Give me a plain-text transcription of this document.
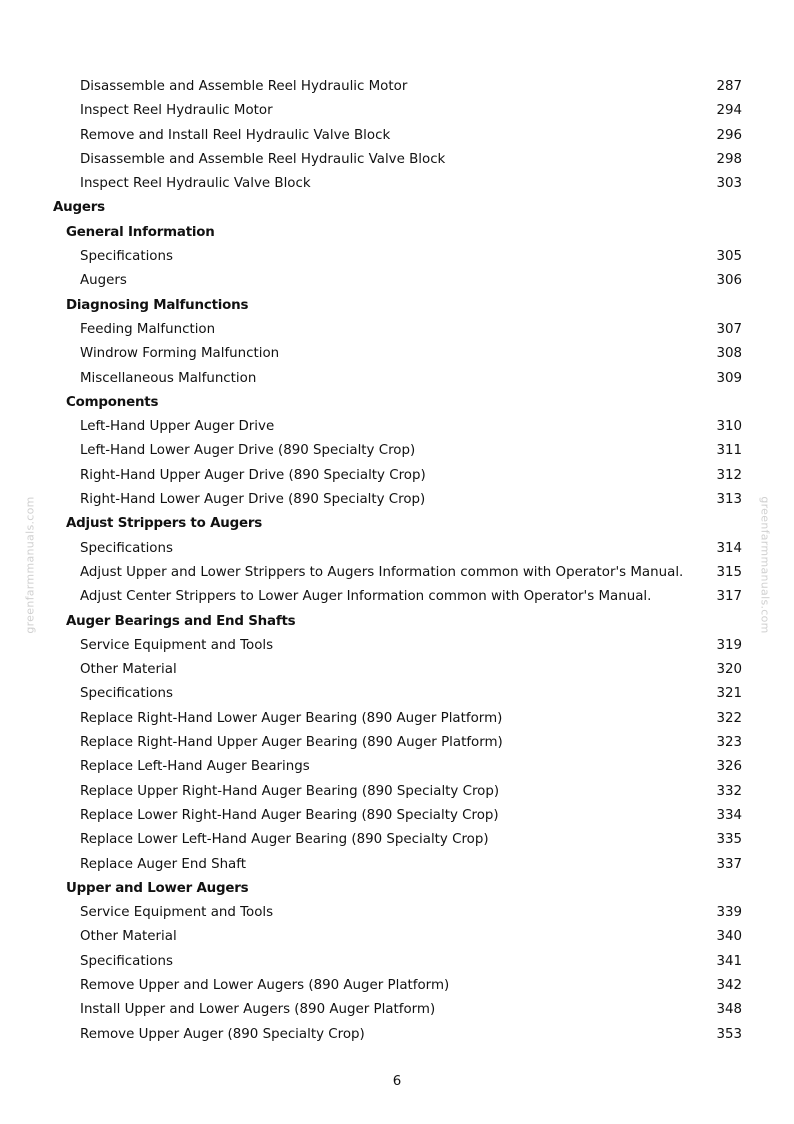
Disassemble and Assemble Reel Hydraulic Motor	287
Inspect Reel Hydraulic Motor	294
Remove and Install Reel Hydraulic Valve Block	296
Disassemble and Assemble Reel Hydraulic Valve Block	298
Inspect Reel Hydraulic Valve Block	303
Augers
General Information
Specifications	305
Augers	306
Diagnosing Malfunctions
Feeding Malfunction	307
Windrow Forming Malfunction	308
Miscellaneous Malfunction	309
Components
Left-Hand Upper Auger Drive	310
Left-Hand Lower Auger Drive (890 Specialty Crop)	311
Right-Hand Upper Auger Drive (890 Specialty Crop)	312
Right-Hand Lower Auger Drive (890 Specialty Crop)	313
Adjust Strippers to Augers
Specifications	314
Adjust Upper and Lower Strippers to Augers Information common with Operator's Manual. 315
Adjust Center Strippers to Lower Auger Information common with Operator's Manual.	317
Auger Bearings and End Shafts
Service Equipment and Tools	319
Other Material	320
Specifications	321
Replace Right-Hand Lower Auger Bearing (890 Auger Platform)	322
Replace Right-Hand Upper Auger Bearing (890 Auger Platform)	323
Replace Left-Hand Auger Bearings	326
Replace Upper Right-Hand Auger Bearing (890 Specialty Crop)	332
Replace Lower Right-Hand Auger Bearing (890 Specialty Crop)	334
Replace Lower Left-Hand Auger Bearing (890 Specialty Crop)	335
Replace Auger End Shaft	337
Upper and Lower Augers
Service Equipment and Tools	339
Other Material	340
Specifications	341
Remove Upper and Lower Augers (890 Auger Platform)	342
Install Upper and Lower Augers (890 Auger Platform)	348
Remove Upper Auger (890 Specialty Crop)	353
greenfarmmanuals.com	greenfarmmanuals.com
6
